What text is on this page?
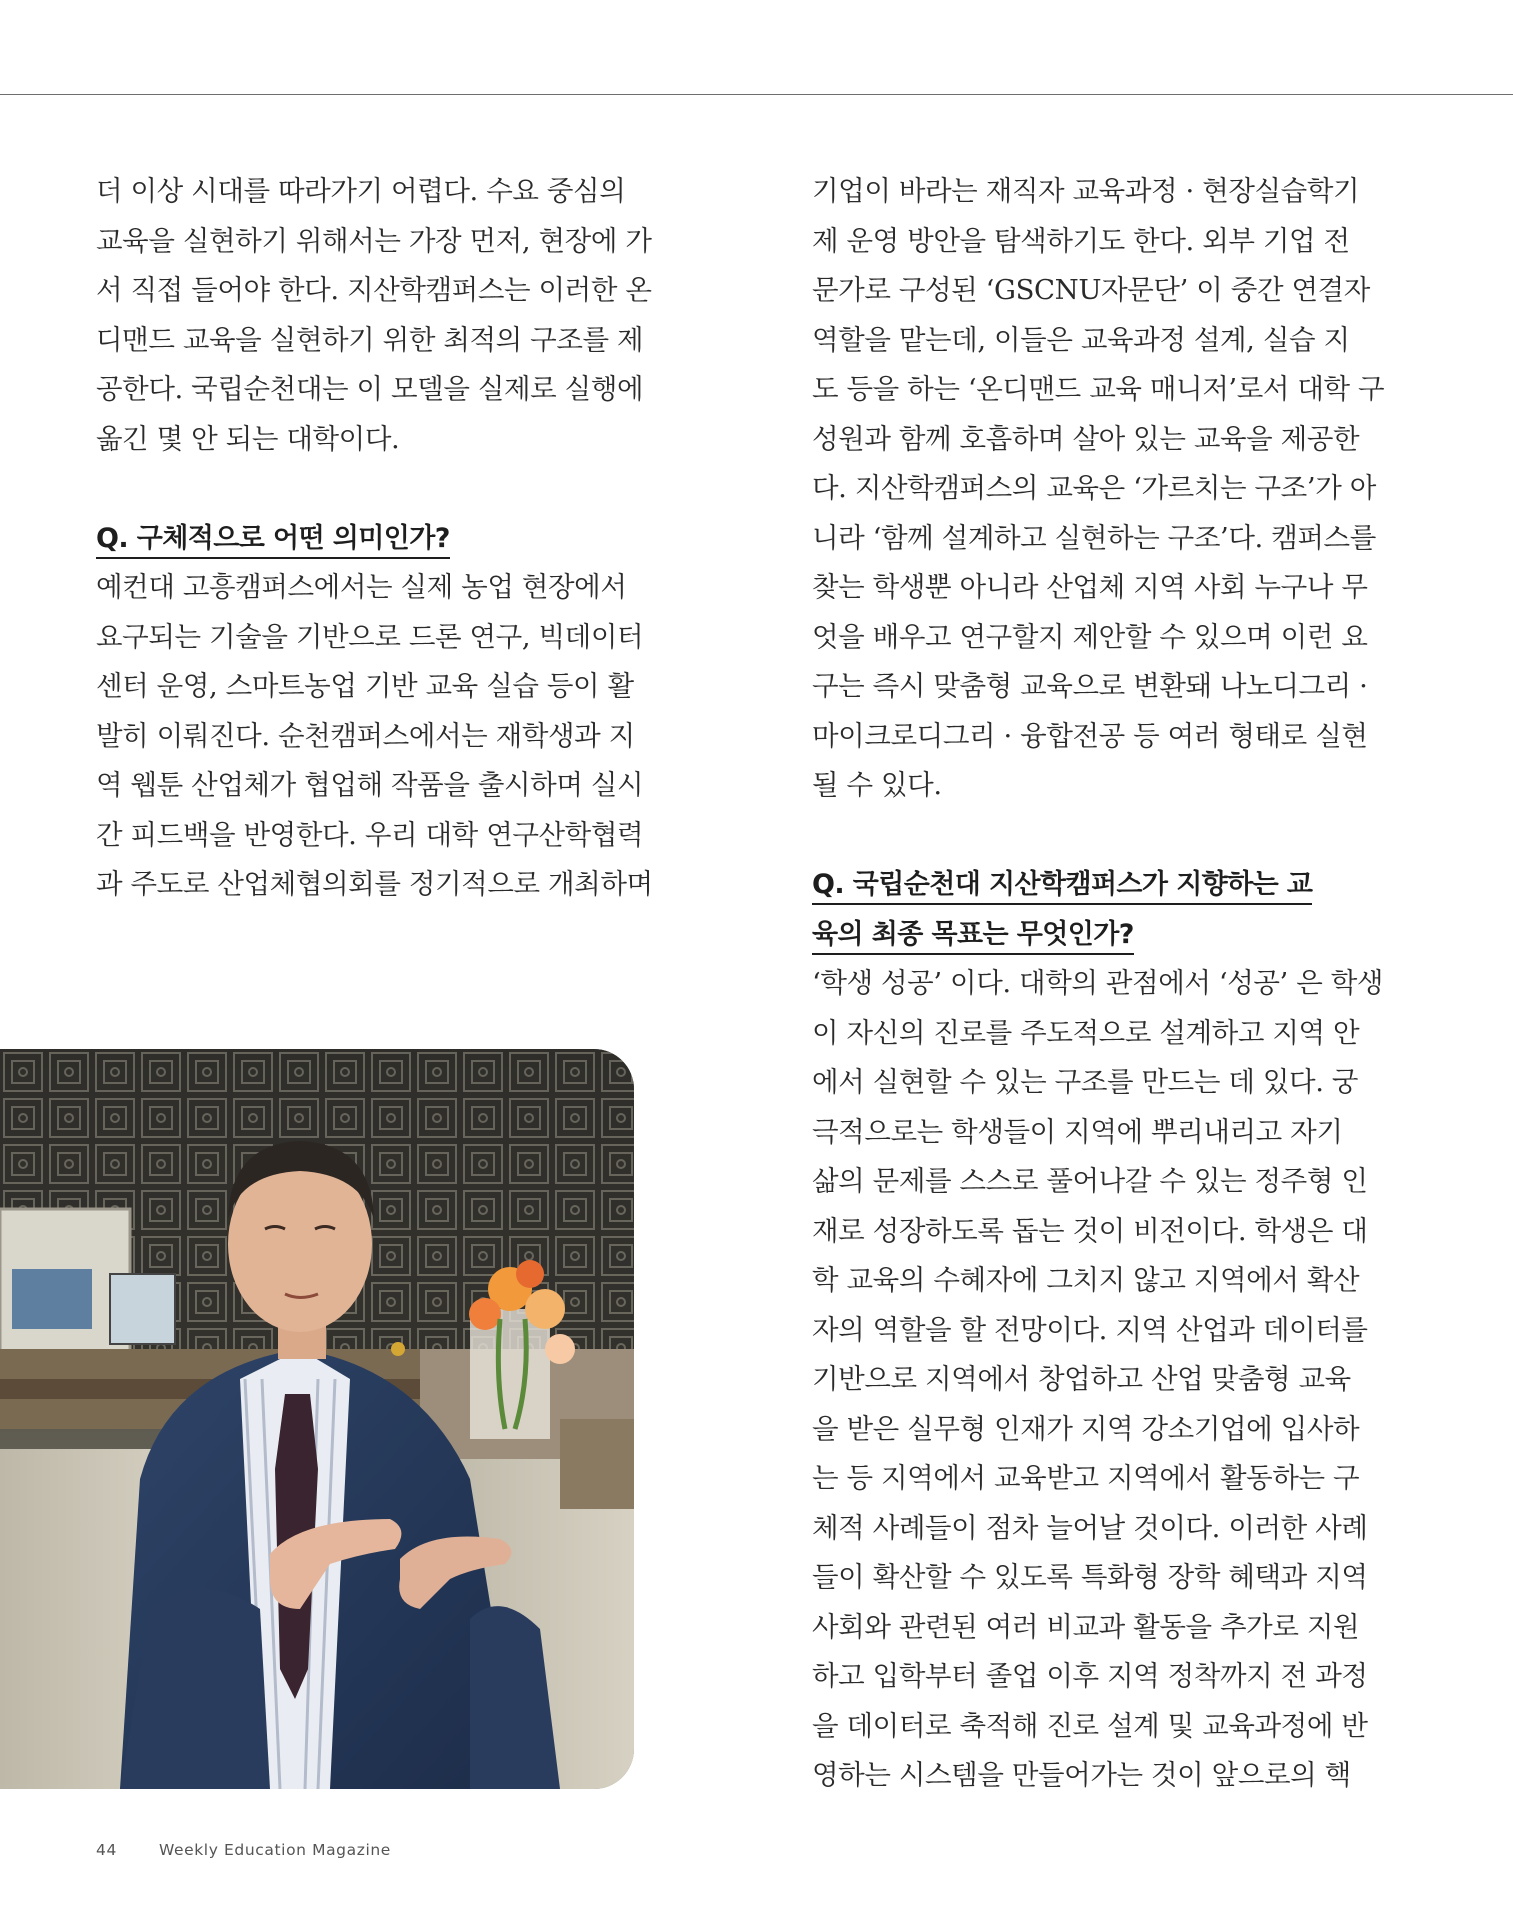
더 이상 시대를 따라가기 어렵다. 수요 중심의
교육을 실현하기 위해서는 가장 먼저, 현장에 가
서 직접 들어야 한다. 지산학캠퍼스는 이러한 온
디맨드 교육을 실현하기 위한 최적의 구조를 제
공한다. 국립순천대는 이 모델을 실제로 실행에
옮긴 몇 안 되는 대학이다.
Q. 구체적으로 어떤 의미인가?
예컨대 고흥캠퍼스에서는 실제 농업 현장에서
요구되는 기술을 기반으로 드론 연구, 빅데이터
센터 운영, 스마트농업 기반 교육 실습 등이 활
발히 이뤄진다. 순천캠퍼스에서는 재학생과 지
역 웹툰 산업체가 협업해 작품을 출시하며 실시
간 피드백을 반영한다. 우리 대학 연구산학협력
과 주도로 산업체협의회를 정기적으로 개최하며
기업이 바라는 재직자 교육과정 · 현장실습학기
제 운영 방안을 탐색하기도 한다. 외부 기업 전
문가로 구성된 ‘GSCNU자문단’ 이 중간 연결자
역할을 맡는데, 이들은 교육과정 설계, 실습 지
도 등을 하는 ‘온디맨드 교육 매니저’로서 대학 구
성원과 함께 호흡하며 살아 있는 교육을 제공한
다. 지산학캠퍼스의 교육은 ‘가르치는 구조’가 아
니라 ‘함께 설계하고 실현하는 구조’다. 캠퍼스를
찾는 학생뿐 아니라 산업체 지역 사회 누구나 무
엇을 배우고 연구할지 제안할 수 있으며 이런 요
구는 즉시 맞춤형 교육으로 변환돼 나노디그리 ·
마이크로디그리 · 융합전공 등 여러 형태로 실현
될 수 있다.
Q. 국립순천대 지산학캠퍼스가 지향하는 교
육의 최종 목표는 무엇인가?
‘학생 성공’ 이다. 대학의 관점에서 ‘성공’ 은 학생
이 자신의 진로를 주도적으로 설계하고 지역 안
에서 실현할 수 있는 구조를 만드는 데 있다. 궁
극적으로는 학생들이 지역에 뿌리내리고 자기
삶의 문제를 스스로 풀어나갈 수 있는 정주형 인
재로 성장하도록 돕는 것이 비전이다. 학생은 대
학 교육의 수혜자에 그치지 않고 지역에서 확산
자의 역할을 할 전망이다. 지역 산업과 데이터를
기반으로 지역에서 창업하고 산업 맞춤형 교육
을 받은 실무형 인재가 지역 강소기업에 입사하
는 등 지역에서 교육받고 지역에서 활동하는 구
체적 사례들이 점차 늘어날 것이다. 이러한 사례
들이 확산할 수 있도록 특화형 장학 혜택과 지역
사회와 관련된 여러 비교과 활동을 추가로 지원
하고 입학부터 졸업 이후 지역 정착까지 전 과정
을 데이터로 축적해 진로 설계 및 교육과정에 반
영하는 시스템을 만들어가는 것이 앞으로의 핵
44	Weekly Education Magazine
